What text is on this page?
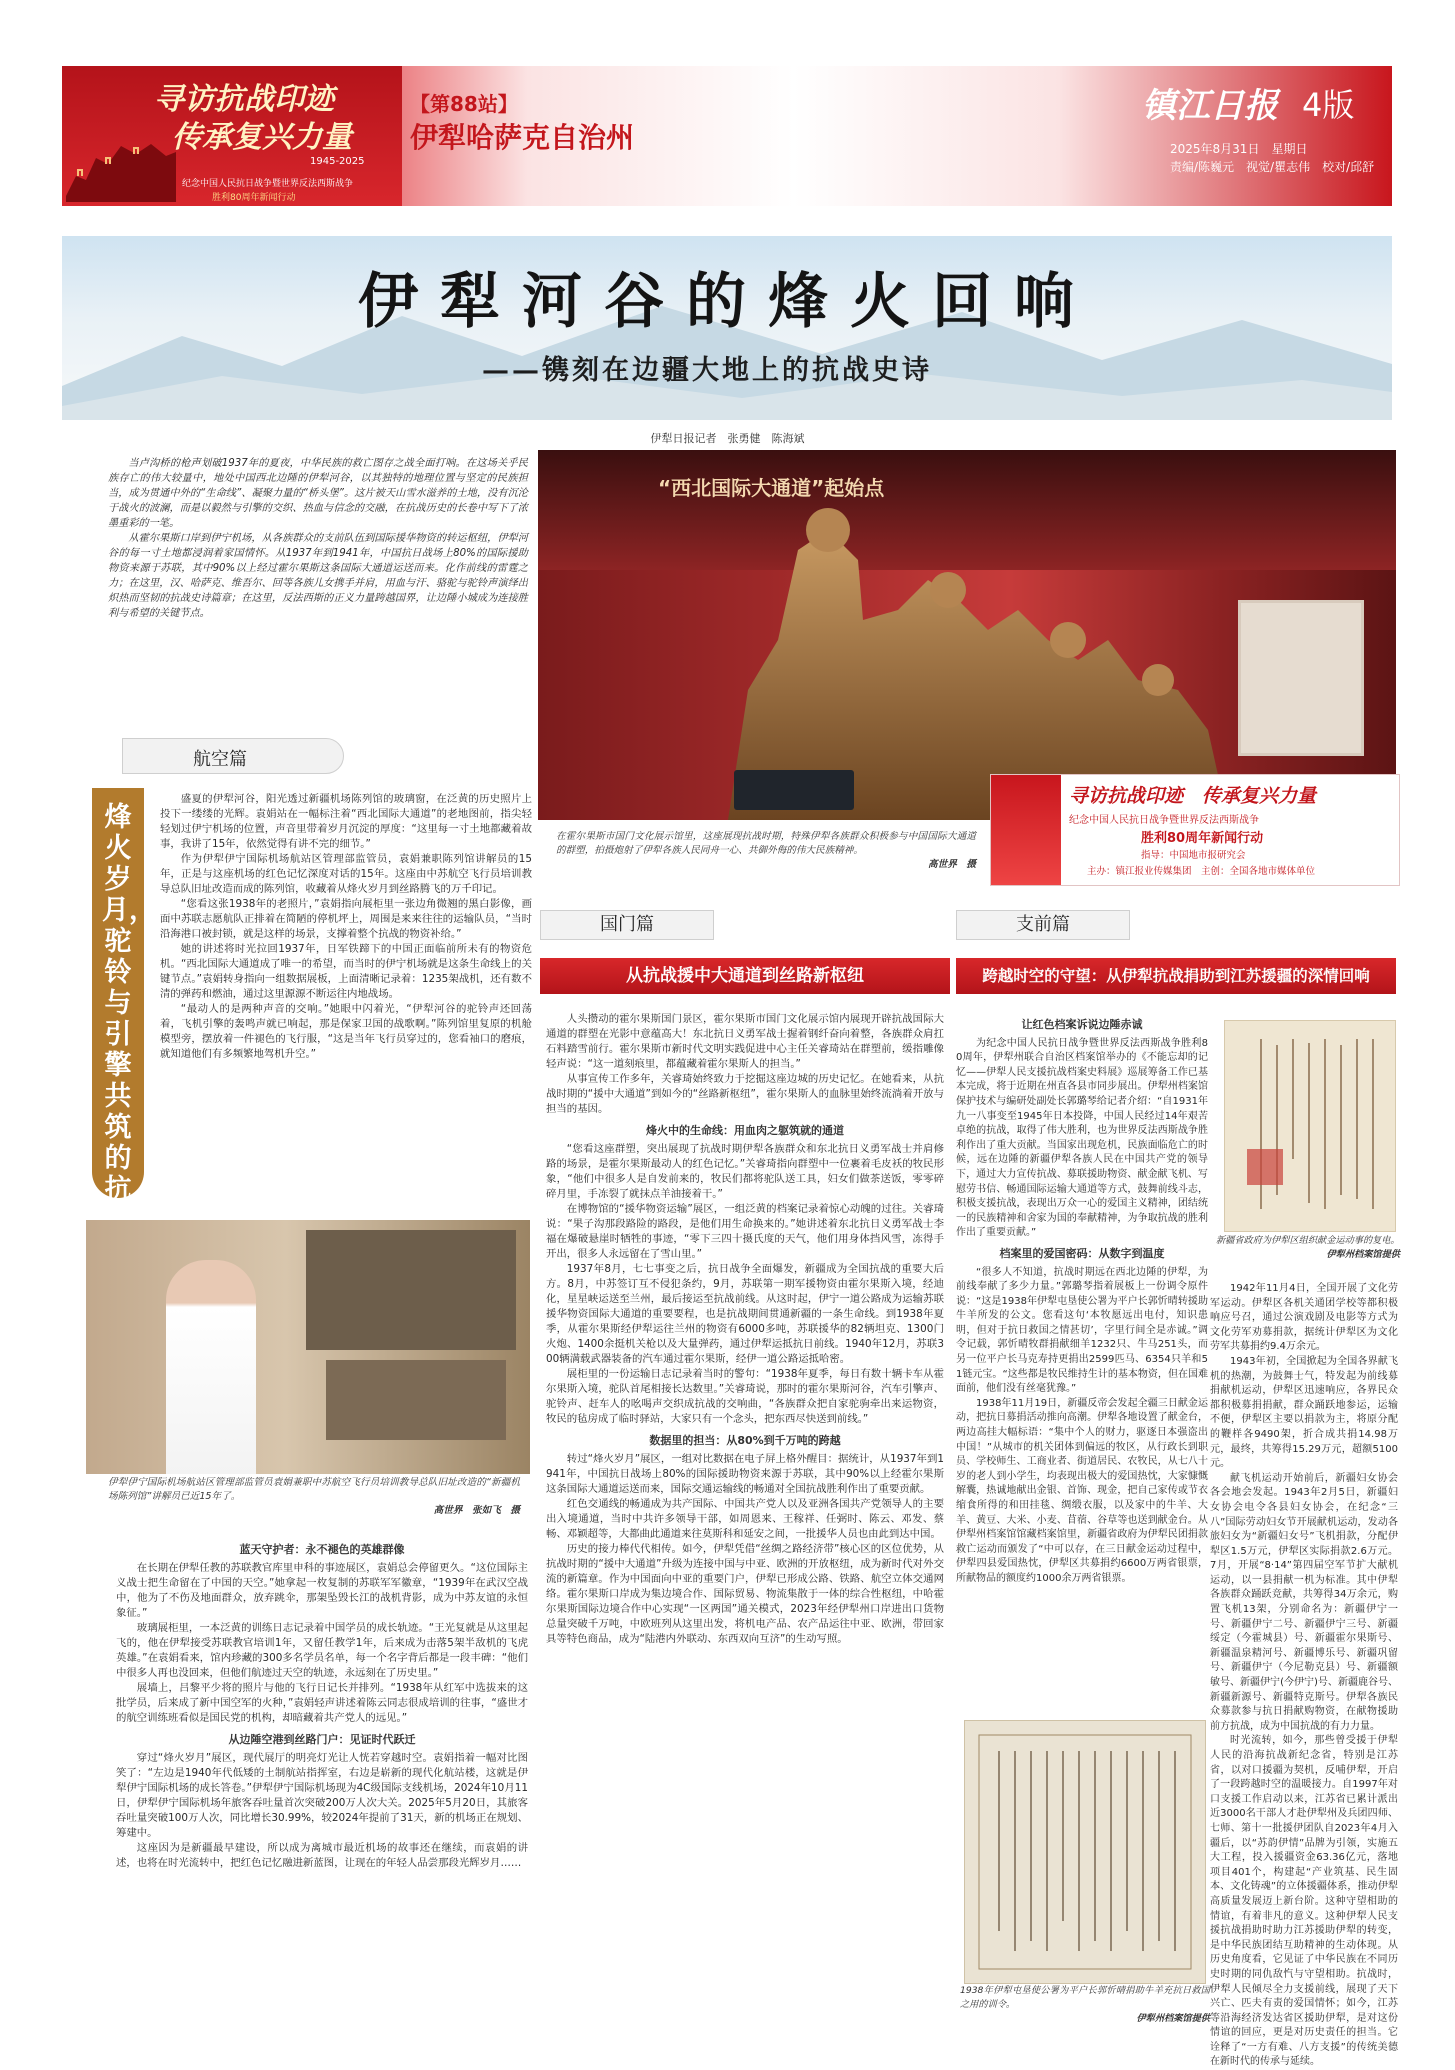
寻访抗战印迹
传承复兴力量
1945-2025
纪念中国人民抗日战争暨世界反法西斯战争
胜利80周年新闻行动
【第88站】
伊犁哈萨克自治州
镇江日报 4版
2025年8月31日　星期日
责编/陈巍元　视觉/瞿志伟　校对/邱舒
伊犁河谷的烽火回响
——镌刻在边疆大地上的抗战史诗
伊犁日报记者　张勇健　陈海斌

当卢沟桥的枪声划破1937年的夏夜，中华民族的救亡图存之战全面打响。在这场关乎民族存亡的伟大较量中，地处中国西北边陲的伊犁河谷，以其独特的地理位置与坚定的民族担当，成为贯通中外的“生命线”、凝聚力量的“桥头堡”。这片被天山雪水滋养的土地，没有沉沦于战火的波澜，而是以毅然与引擎的交织、热血与信念的交融，在抗战历史的长卷中写下了浓墨重彩的一笔。

从霍尔果斯口岸到伊宁机场，从各族群众的支前队伍到国际援华物资的转运枢纽，伊犁河谷的每一寸土地都浸润着家国情怀。从1937年到1941年，中国抗日战场上80%的国际援助物资来源于苏联，其中90%以上经过霍尔果斯这条国际大通道运送而来。化作前线的雷霆之力；在这里，汉、哈萨克、维吾尔、回等各族儿女携手并肩，用血与汗、骆驼与驼铃声演绎出炽热而坚韧的抗战史诗篇章；在这里，反法西斯的正义力量跨越国界，让边陲小城成为连接胜利与希望的关键节点。

“西北国际大通道”起始点
在霍尔果斯市国门文化展示馆里，这座展现抗战时期，特殊伊犁各族群众积极参与中国国际大通道的群塑，拍摄炮射了伊犁各族人民同舟一心、共御外侮的伟大民族精神。
高世界　摄
寻访抗战印迹　传承复兴力量
纪念中国人民抗日战争暨世界反法西斯战争
胜利80周年新闻行动
指导：中国地市报研究会
主办：镇江报业传媒集团　主创：全国各地市媒体单位
航空篇
烽火岁月，驼铃与引擎共筑的抗

盛夏的伊犁河谷，阳光透过新疆机场陈列馆的玻璃窗，在泛黄的历史照片上投下一缕缕的光辉。袁娟站在一幅标注着“西北国际大通道”的老地图前，指尖轻轻划过伊宁机场的位置，声音里带着岁月沉淀的厚度：“这里每一寸土地都藏着故事，我讲了15年，依然觉得有讲不完的细节。”

作为伊犁伊宁国际机场航站区管理部监管员，袁娟兼职陈列馆讲解员的15年，正是与这座机场的红色记忆深度对话的15年。这座由中苏航空飞行员培训教导总队旧址改造而成的陈列馆，收藏着从烽火岁月到丝路腾飞的万千印记。

“您看这张1938年的老照片，”袁娟指向展柜里一张边角微翘的黑白影像，画面中苏联志愿航队正排着在简陋的停机坪上，周围是来来往往的运输队员，“当时沿海港口被封锁，就是这样的场景，支撑着整个抗战的物资补给。”

她的讲述将时光拉回1937年，日军铁蹄下的中国正面临前所未有的物资危机。“西北国际大通道成了唯一的希望，而当时的伊宁机场就是这条生命线上的关键节点。”袁娟转身指向一组数据展板，上面清晰记录着：1235架战机，还有数不清的弹药和燃油，通过这里源源不断运往内地战场。

“最动人的是两种声音的交响。”她眼中闪着光，“伊犁河谷的驼铃声还回荡着，飞机引擎的轰鸣声就已响起，那是保家卫国的战歌啊。”陈列馆里复原的机舱模型旁，摆放着一件褪色的飞行服，“这是当年飞行员穿过的，您看袖口的磨痕，就知道他们有多频繁地驾机升空。”

伊犁伊宁国际机场航站区管理部监管员袁娟兼职中苏航空飞行员培训教导总队旧址改造的“新疆机场陈列馆”讲解员已近15年了。
高世界　张如飞　摄
蓝天守护者：永不褪色的英雄群像

在长期在伊犁任教的苏联教官库里申科的事迹展区，袁娟总会停留更久。“这位国际主义战士把生命留在了中国的天空。”她拿起一枚复制的苏联军军徽章，“1939年在武汉空战中，他为了不伤及地面群众，放弃跳伞，那架坠毁长江的战机背影，成为中苏友谊的永恒象征。”

玻璃展柜里，一本泛黄的训练日志记录着中国学员的成长轨迹。“王光复就是从这里起飞的，他在伊犁接受苏联教官培训1年，又留任教学1年，后来成为击落5架半敌机的飞虎英雄。”在袁娟看来，馆内珍藏的300多名学员名单，每一个名字背后都是一段丰碑：“他们中很多人再也没回来，但他们航迹过天空的轨迹，永远刻在了历史里。”

展墙上，吕黎平少将的照片与他的飞行日记长并排列。“1938年从红军中选拔来的这批学员，后来成了新中国空军的火种，”袁娟轻声讲述着陈云同志很成培训的往事，“盛世才的航空训练班看似是国民党的机构，却暗藏着共产党人的远见。”

从边陲空港到丝路门户：见证时代跃迁

穿过“烽火岁月”展区，现代展厅的明亮灯光让人恍若穿越时空。袁娟指着一幅对比图笑了：“左边是1940年代低矮的土制航站指挥室，右边是崭新的现代化航站楼，这就是伊犁伊宁国际机场的成长答卷。”伊犁伊宁国际机场现为4C级国际支线机场，2024年10月11日，伊犁伊宁国际机场年旅客吞吐量首次突破200万人次大关。2025年5月20日，其旅客吞吐量突破100万人次，同比增长30.99%，较2024年提前了31天，新的机场正在规划、筹建中。

这座因为是新疆最早建设，所以成为离城市最近机场的故事还在继续，而袁娟的讲述，也将在时光流转中，把红色记忆融进新蓝图，让现在的年轻人品尝那段光辉岁月……

国门篇
从抗战援中大通道到丝路新枢纽

人头攒动的霍尔果斯国门景区，霍尔果斯市国门文化展示馆内展现开辟抗战国际大通道的群塑在光影中意蕴高大！东北抗日义勇军战士握着钢纤奋向着整，各族群众肩扛石料踏雪前行。霍尔果斯市新时代文明实践促进中心主任关睿琦站在群塑前，缓指雕像轻声说：“这一道刻痕里，都蕴藏着霍尔果斯人的担当。”

从事宣传工作多年，关睿琦始终致力于挖掘这座边城的历史记忆。在她看来，从抗战时期的“援中大通道”到如今的“丝路新枢纽”，霍尔果斯人的血脉里始终流淌着开放与担当的基因。

烽火中的生命线：用血肉之躯筑就的通道

“您看这座群塑，突出展现了抗战时期伊犁各族群众和东北抗日义勇军战士并肩修路的场景，是霍尔果斯最动人的红色记忆。”关睿琦指向群塑中一位裹着毛皮袄的牧民形象，“他们中很多人是自发前来的，牧民们都将驼队送工具，妇女们做茶送饭，零零碎碎月里，手冻裂了就抹点羊油接着干。”

在博物馆的“援华物资运输”展区，一组泛黄的档案记录着惊心动魄的过往。关睿琦说：“果子沟那段路险的路段，是他们用生命换来的。”她讲述着东北抗日义勇军战士李福在爆破悬崖时牺牲的事迹，“零下三四十摄氏度的天气，他们用身体挡风雪，冻得手开出，很多人永远留在了雪山里。”

1937年8月，七七事变之后，抗日战争全面爆发，新疆成为全国抗战的重要大后方。8月，中苏签订互不侵犯条约，9月，苏联第一期军援物资由霍尔果斯入境，经迪化，星星峡运送至兰州，最后接运至抗战前线。从这时起，伊宁一道公路成为运输苏联援华物资国际大通道的重要要程，也是抗战期间贯通新疆的一条生命线。到1938年夏季，从霍尔果斯经伊犁运往兰州的物资有6000多吨，苏联援华的82辆坦克、1300门火炮、1400余挺机关枪以及大量弹药，通过伊犁运抵抗日前线。1940年12月，苏联300辆满载武器装备的汽车通过霍尔果斯，经伊一道公路运抵哈密。

展柜里的一份运输日志记录着当时的警句：“1938年夏季，每日有数十辆卡车从霍尔果斯入境，驼队首尾相接长达数里。”关睿琦说，那时的霍尔果斯河谷，汽车引擎声、驼铃声、赶车人的吆喝声交织成抗战的交响曲，“各族群众把自家驼驹牵出来运物资，牧民的毡房成了临时驿站，大家只有一个念头，把东西尽快送到前线。”

数据里的担当：从80%到千万吨的跨越

转过“烽火岁月”展区，一组对比数据在电子屏上格外醒目：据统计，从1937年到1941年，中国抗日战场上80%的国际援助物资来源于苏联，其中90%以上经霍尔果斯这条国际大通道运送而来，国际交通运输线的畅通对全国抗战胜利作出了重要贡献。

红色交通线的畅通成为共产国际、中国共产党人以及亚洲各国共产党领导人的主要出入境通道，当时中共许多领导干部，如周恩来、王稼祥、任弼时、陈云、邓发、蔡畅、邓颖超等，大都曲此通道来往莫斯科和延安之间，一批援华人员也由此到达中国。

历史的接力棒代代相传。如今，伊犁凭借“丝绸之路经济带”核心区的区位优势，从抗战时期的“援中大通道”升级为连接中国与中亚、欧洲的开放枢纽，成为新时代对外交流的新篇章。作为中国面向中亚的重要门户，伊犁已形成公路、铁路、航空立体交通网络。霍尔果斯口岸成为集边境合作、国际贸易、物流集散于一体的综合性枢纽，中哈霍尔果斯国际边境合作中心实现“一区两国”通关模式，2023年经伊犁州口岸进出口货物总量突破千万吨，中欧班列从这里出发，将机电产品、农产品运往中亚、欧洲，带回家具等特色商品，成为“陆港内外联动、东西双向互济”的生动写照。

支前篇
跨越时空的守望：从伊犁抗战捐助到江苏援疆的深情回响
让红色档案诉说边陲赤诚

为纪念中国人民抗日战争暨世界反法西斯战争胜利80周年，伊犁州联合自治区档案馆举办的《不能忘却的记忆——伊犁人民支援抗战档案史料展》巡展筹备工作已基本完成，将于近期在州直各县市同步展出。伊犁州档案馆保护技术与编研处副处长郭璐琴给记者介绍：“自1931年九一八事变至1945年日本投降，中国人民经过14年艰苦卓绝的抗战，取得了伟大胜利，也为世界反法西斯战争胜利作出了重大贡献。当国家出现危机，民族面临危亡的时候，远在边陲的新疆伊犁各族人民在中国共产党的领导下，通过大力宣传抗战、募联援助物资、献金献飞机、写慰劳书信、畅通国际运输大通道等方式，鼓舞前线斗志，积极支援抗战，表现出万众一心的爱国主义精神，团结统一的民族精神和舍家为国的奉献精神，为争取抗战的胜利作出了重要贡献。”

档案里的爱国密码：从数字到温度

“很多人不知道，抗战时期远在西北边陲的伊犁，为前线奉献了多少力量。”郭璐琴指着展板上一份调令原件说：“这是1938年伊犁屯垦使公署为平户长郭忻晴转援助牛羊所发的公文。您看这句‘本牧愿远出电付，知识患明，但对于抗日救国之情甚切’，字里行间全是赤诚。”调令记载，郭忻晴牧群捐献细羊1232只、牛马251头，而另一位平户长马克寿持更捐出2599匹马、6354只羊和51链元宝。“这些都是牧民维持生计的基本物资，但在国难面前，他们没有丝毫犹豫。”

1938年11月19日，新疆反帝会发起全疆三日献金运动，把抗日募捐活动推向高潮。伊犁各地设置了献金台，两边高挂大幅标语：“集中个人的财力，驱逐日本强盗出中国！”从城市的机关团体到偏远的牧区，从行政长到职员、学校师生、工商业者、街道居民、农牧民，从七八十岁的老人到小学生，均表现出极大的爱国热忱，大家慷慨解囊，热诚地献出金银、首饰、现金，把自己家传或节衣缩食所得的和田挂毯、绸缎衣服，以及家中的牛羊、大羊、黄豆、大米、小麦、苜蓿、谷草等也送到献金台。从伊犁州档案馆馆藏档案馆里，新疆省政府为伊犁民团捐款救亡运动而颁发了“中可以存，在三日献金运动过程中，伊犁四县爱国热忱，伊犁区共募捐约6600万两省银票，所献物品的额度约1000余万两省银票。

新疆省政府为伊犁区组织献金运动事的复电。
伊犁州档案馆提供

1942年11月4日，全国开展了文化劳军运动。伊犁区各机关通团学校等都积极响应号召，通过公演戏剧及电影等方式为文化劳军劝募捐款，据统计伊犁区为文化劳军共募捐约9.4万余元。

1943年初，全国掀起为全国各界献飞机的热潮，为鼓舞士气，特发起为前线募捐献机运动，伊犁区迅速响应，各界民众都积极募捐捐献，群众踊跃地参运，运输不便，伊犁区主要以捐款为主，将原分配的鞭样各9490架，折合成共捐14.98万元，最终，共筹得15.29万元，超额5100元。

献飞机运动开始前后，新疆妇女协会各会地会发起。1943年2月5日，新疆妇女协会电令各县妇女协会，在纪念“三八”国际劳动妇女节开展献机运动，发动各旅妇女为“新疆妇女号”飞机捐款，分配伊犁区1.5万元，伊犁区实际捐款2.6万元。7月，开展“8·14”第四届空军节扩大献机运动，以一县捐献一机为标准。其中伊犁各族群众踊跃竞献，共筹得34万余元，购置飞机13架，分别命名为：新疆伊宁一号、新疆伊宁二号、新疆伊宁三号、新疆绥定（今霍城县）号、新疆霍尔果斯号、新疆温泉精河号、新疆博乐号、新疆巩留号、新疆伊宁（今尼勒克县）号、新疆额敏号、新疆伊宁(今伊宁)号、新疆鹿谷号、新疆新源号、新疆特克斯号。伊犁各族民众募款参与抗日捐献购物资，在献物援助前方抗战，成为中国抗战的有力力量。

时光流转，如今，那些曾受援于伊犁人民的沿海抗战新纪念省，特别是江苏省，以对口援疆为契机，反哺伊犁，开启了一段跨越时空的温暖接力。自1997年对口支援工作启动以来，江苏省已累计派出近3000名干部人才赴伊犁州及兵团四师、七师、第十一批援伊团队自2023年4月入疆后，以“苏韵伊情”品牌为引领，实施五大工程，投入援疆资金63.36亿元，落地项目401个，构建起“产业筑基、民生固本、文化铸魂”的立体援疆体系，推动伊犁高质量发展迈上新台阶。这种守望相助的情谊，有着非凡的意义。这种伊犁人民支援抗战捐助时助力江苏援助伊犁的转变，是中华民族团结互助精神的生动体现。从历史角度看，它见证了中华民族在不同历史时期的同仇敌忾与守望相助。抗战时，伊犁人民倾尽全力支援前线，展现了天下兴亡、匹夫有责的爱国情怀；如今，江苏等沿海经济发达省区援助伊犁，是对这份情谊的回应，更是对历史责任的担当。它诠释了“一方有难、八方支援”的传统美德在新时代的传承与延续。

1938年伊犁屯垦使公署为平户长郭忻晴捐助牛羊充抗日救国之用的训令。
伊犁州档案馆提供
